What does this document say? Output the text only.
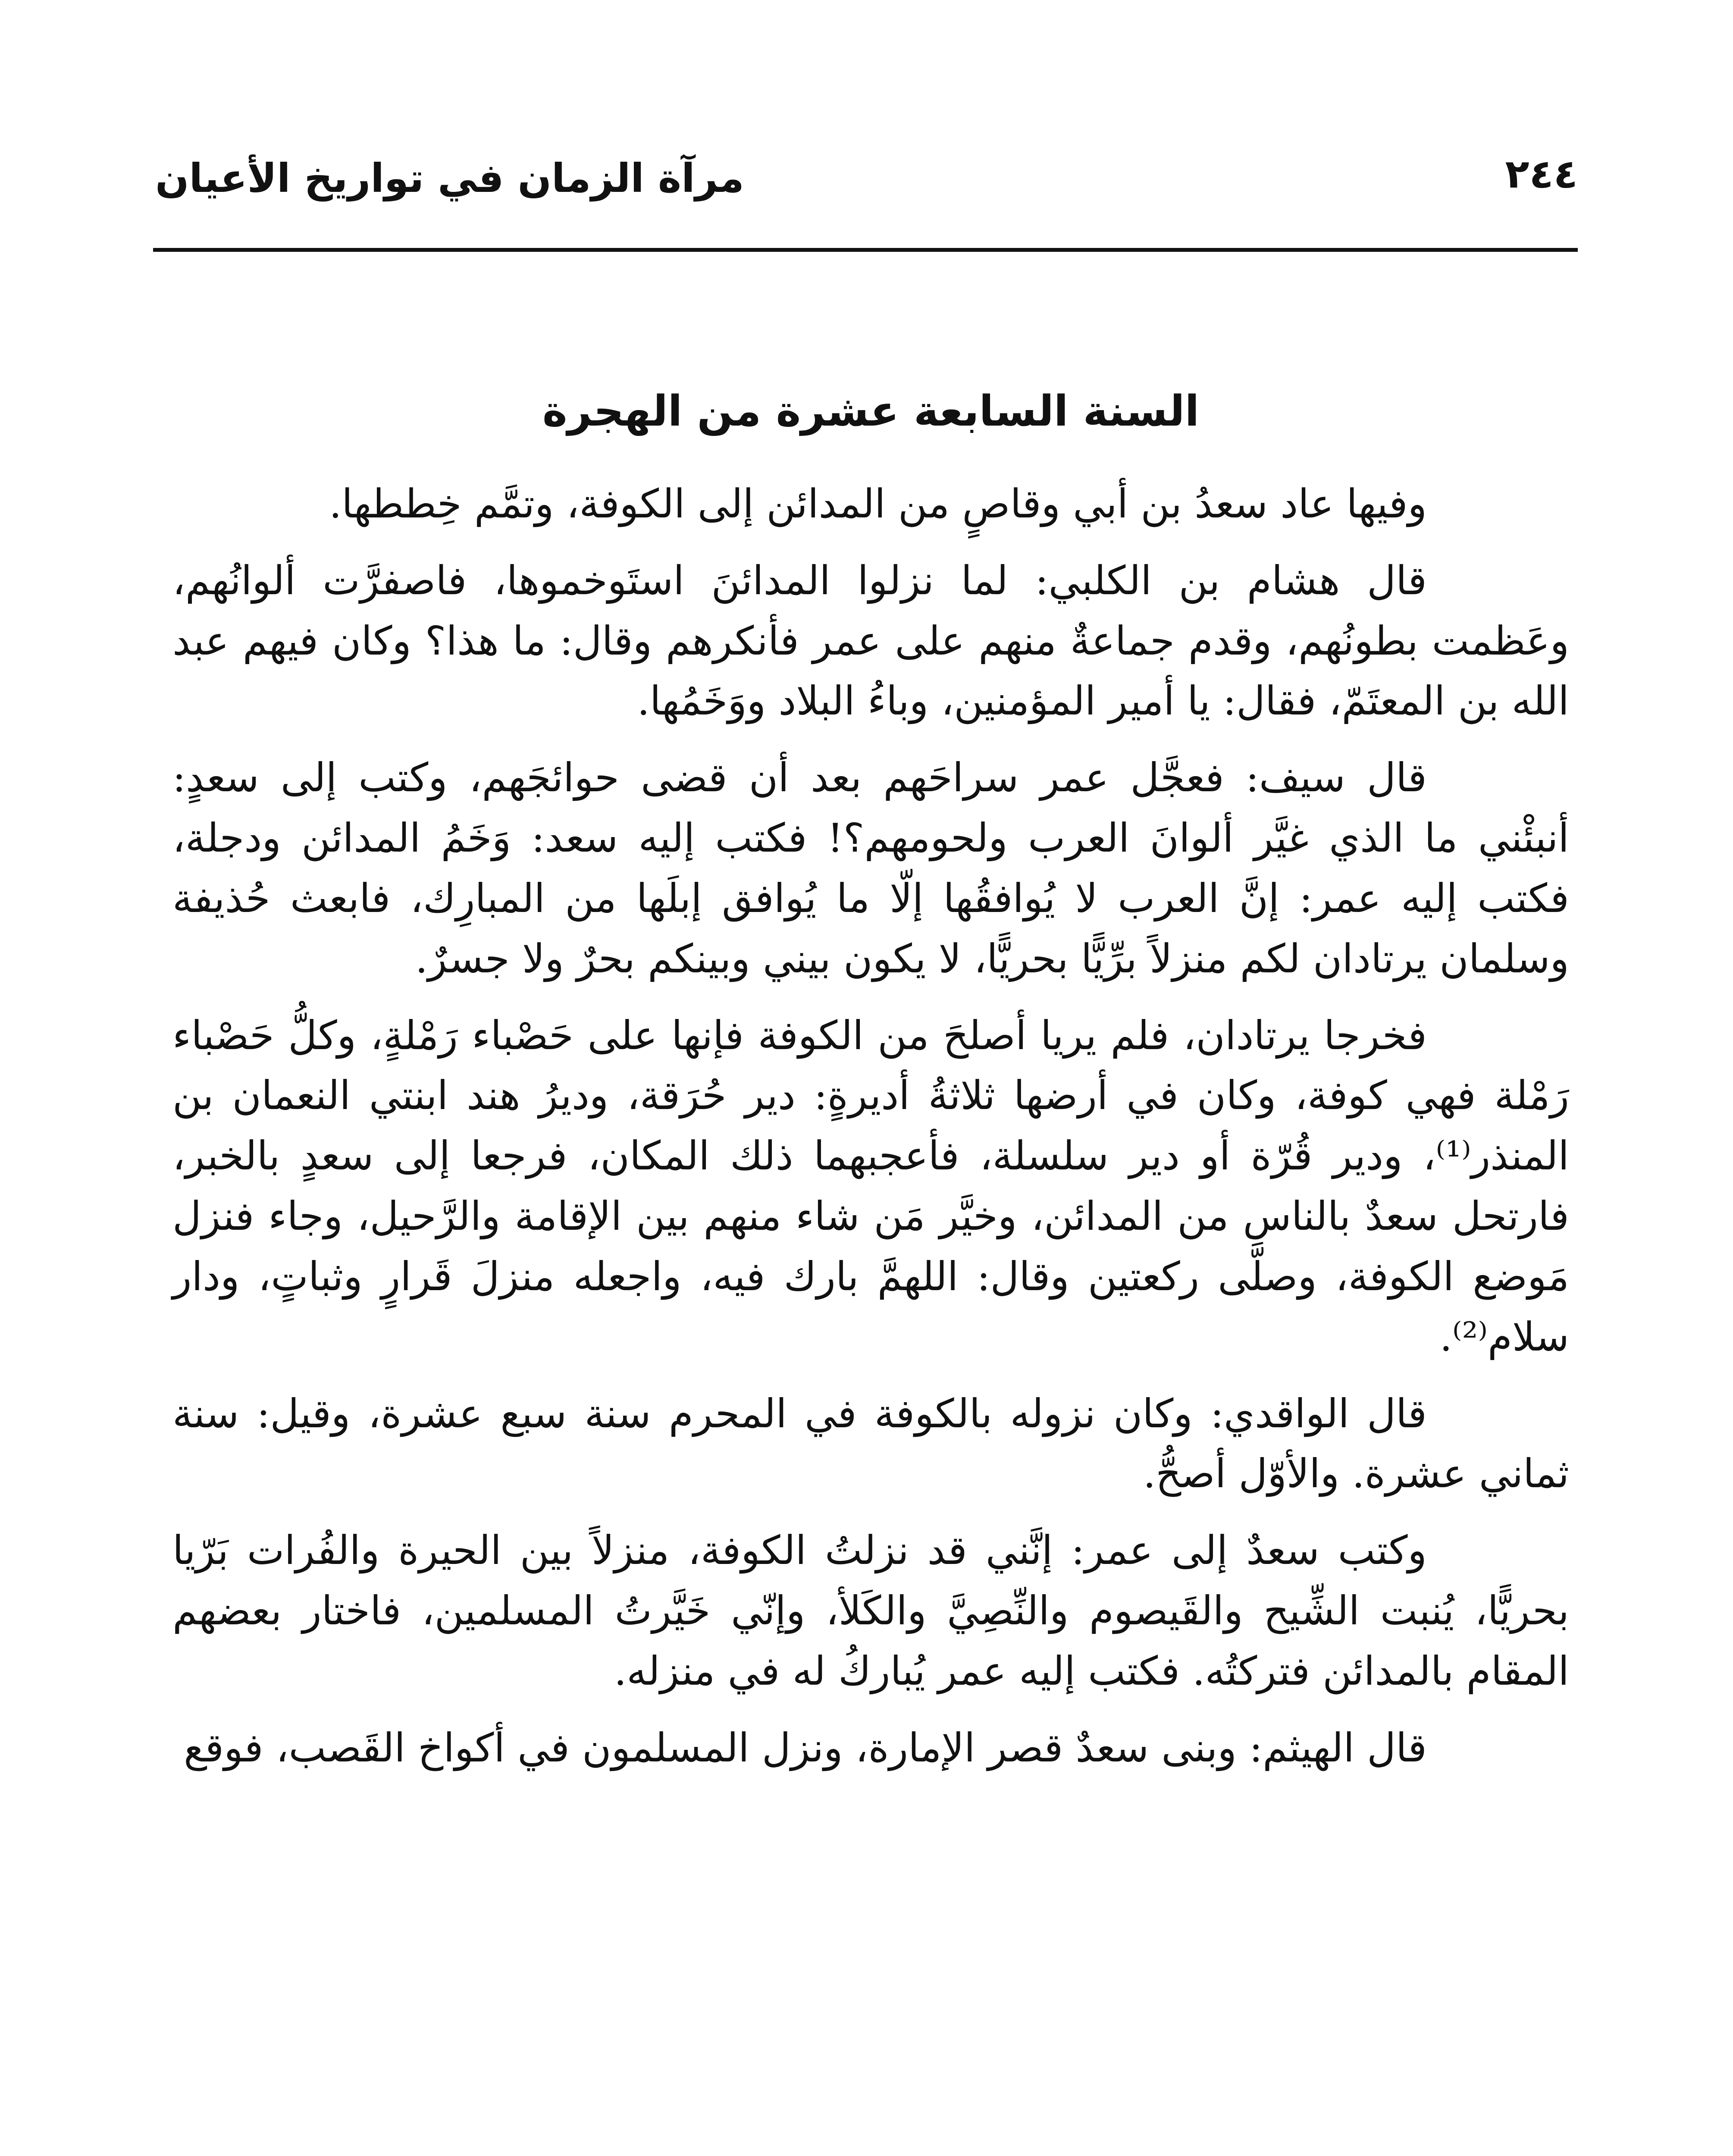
٢٤٤
مرآة الزمان في تواريخ الأعيان
السنة السابعة عشرة من الهجرة

وفيها عاد سعدُ بن أبي وقاصٍ من المدائن إلى الكوفة، وتمَّم خِططها.

قال هشام بن الكلبي: لما نزلوا المدائنَ استَوخموها، فاصفرَّت ألوانُهم، وعَظمت بطونُهم، وقدم جماعةٌ منهم على عمر فأنكرهم وقال: ما هذا؟ وكان فيهم عبد الله بن المعتَمّ، فقال: يا أمير المؤمنين، وباءُ البلاد ووَخَمُها.

قال سيف: فعجَّل عمر سراحَهم بعد أن قضى حوائجَهم، وكتب إلى سعدٍ: أنبئْني ما الذي غيَّر ألوانَ العرب ولحومهم؟! فكتب إليه سعد: وَخَمُ المدائن ودجلة، فكتب إليه عمر: إنَّ العرب لا يُوافقُها إلّا ما يُوافق إبلَها من المبارِك، فابعث حُذيفة وسلمان يرتادان لكم منزلاً برِّيًّا بحريًّا، لا يكون بيني وبينكم بحرٌ ولا جسرٌ.

فخرجا يرتادان، فلم يريا أصلحَ من الكوفة فإنها على حَصْباء رَمْلةٍ، وكلُّ حَصْباء رَمْلة فهي كوفة، وكان في أرضها ثلاثةُ أديرةٍ: دير حُرَقة، وديرُ هند ابنتي النعمان بن المنذر⁽¹⁾، ودير قُرّة أو دير سلسلة، فأعجبهما ذلك المكان، فرجعا إلى سعدٍ بالخبر، فارتحل سعدٌ بالناس من المدائن، وخيَّر مَن شاء منهم بين الإقامة والرَّحيل، وجاء فنزل مَوضع الكوفة، وصلَّى ركعتين وقال: اللهمَّ بارك فيه، واجعله منزلَ قَرارٍ وثباتٍ، ودار سلام⁽²⁾.

قال الواقدي: وكان نزوله بالكوفة في المحرم سنة سبع عشرة، وقيل: سنة ثماني عشرة. والأوّل أصحُّ.

وكتب سعدٌ إلى عمر: إنَّني قد نزلتُ الكوفة، منزلاً بين الحيرة والفُرات بَرّيا بحريًّا، يُنبت الشِّيح والقَيصوم والنِّصِيَّ والكَلأ، وإنّي خَيَّرتُ المسلمين، فاختار بعضهم المقام بالمدائن فتركتُه. فكتب إليه عمر يُباركُ له في منزله.

قال الهيثم: وبنى سعدٌ قصر الإمارة، ونزل المسلمون في أكواخ القَصب، فوقع
